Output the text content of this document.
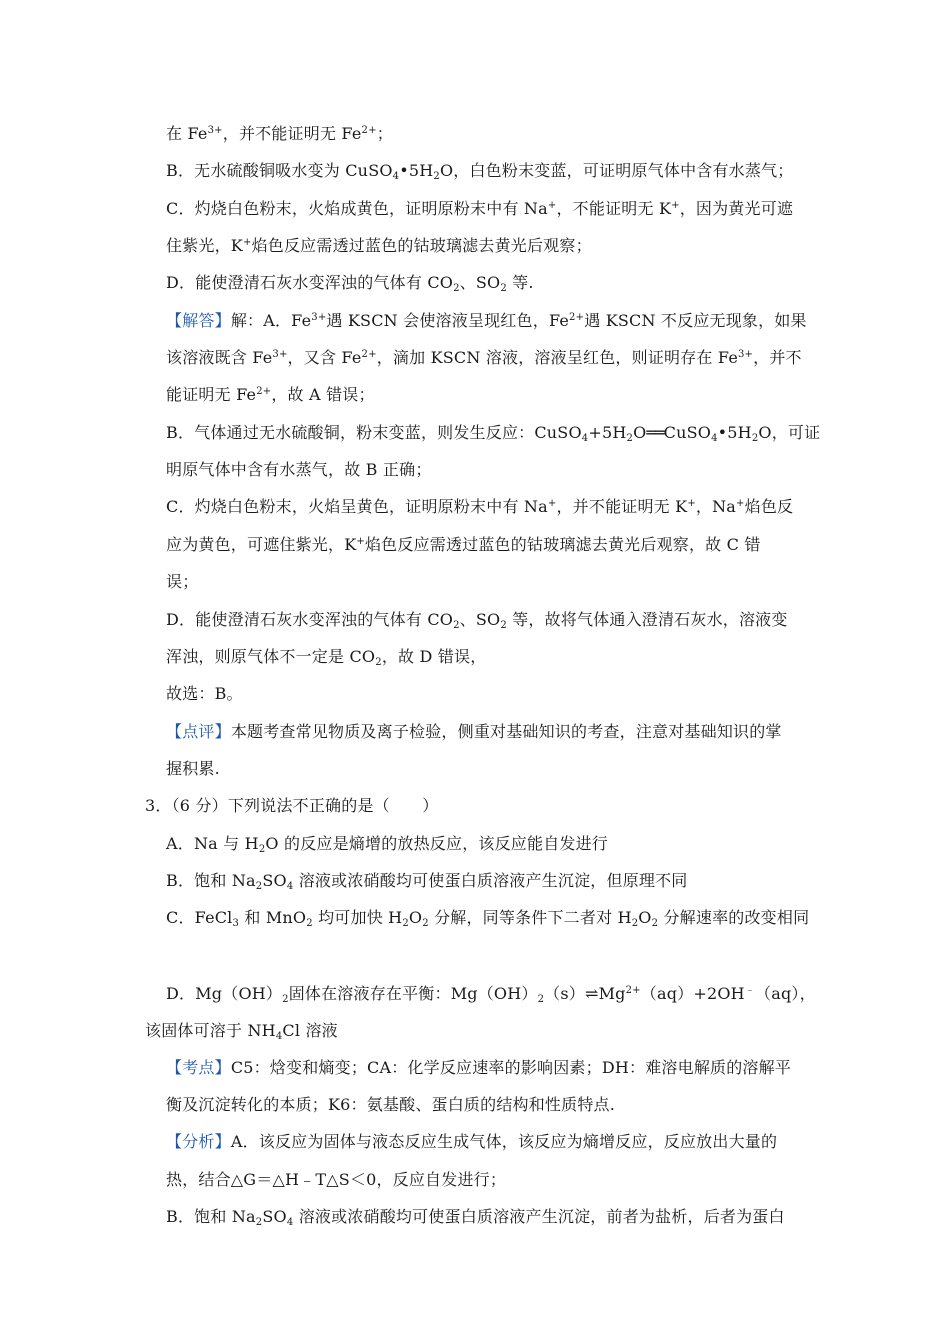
在 $Fe^{3+}$，并不能证明无 $Fe^{2+}$；
B．无水硫酸铜吸水变为 $CuSO_4•5H_2O$，白色粉末变蓝，可证明原气体中含有水蒸气；
C．灼烧白色粉末，火焰成黄色，证明原粉末中有 Na+，不能证明无 K+，因为黄光可遮
住紫光，K+焰色反应需透过蓝色的钴玻璃滤去黄光后观察；
D．能使澄清石灰水变浑浊的气体有 $CO_2$、$SO_2$ 等.
【解答】解：A．$Fe^{3+}$遇 KSCN 会使溶液呈现红色，$Fe^{2+}$遇 KSCN 不反应无现象，如果
该溶液既含 $Fe^{3+}$，又含 $Fe^{2+}$，滴加 KSCN 溶液，溶液呈红色，则证明存在 $Fe^{3+}$，并不
能证明无 $Fe^{2+}$，故 A 错误；
B．气体通过无水硫酸铜，粉末变蓝，则发生反应：$CuSO_4+5H_2O══CuSO_4•5H_2O$，可证
明原气体中含有水蒸气，故 B 正确；
C．灼烧白色粉末，火焰呈黄色，证明原粉末中有 Na+，并不能证明无 K+，Na+焰色反
应为黄色，可遮住紫光，K+焰色反应需透过蓝色的钴玻璃滤去黄光后观察，故 C 错
误；
D．能使澄清石灰水变浑浊的气体有 $CO_2$、$SO_2$ 等，故将气体通入澄清石灰水，溶液变
浑浊，则原气体不一定是 $CO_2$，故 D 错误，
故选：B。
【点评】本题考查常见物质及离子检验，侧重对基础知识的考查，注意对基础知识的掌
握积累.
3．（6 分）下列说法不正确的是（　　）
A．Na 与 $H_2O$ 的反应是熵增的放热反应，该反应能自发进行
B．饱和 $Na_2SO_4$ 溶液或浓硝酸均可使蛋白质溶液产生沉淀，但原理不同
C．FeCl$_3$ 和 MnO$_2$ 均可加快 $H_2O_2$ 分解，同等条件下二者对 $H_2O_2$ 分解速率的改变相同
D．$Mg(OH)_2$固体在溶液存在平衡：$Mg(OH)_2(s)\rightleftharpoons Mg^{2+}(aq)+2OH^﹣(aq)$，
该固体可溶于 $NH_4Cl$ 溶液
【考点】C5：焓变和熵变；CA：化学反应速率的影响因素；DH：难溶电解质的溶解平
衡及沉淀转化的本质；K6：氨基酸、蛋白质的结构和性质特点.
【分析】A．该反应为固体与液态反应生成气体，该反应为熵增反应，反应放出大量的
热，结合△G＝△H﹣T△S＜0，反应自发进行；
B．饱和 $Na_2SO_4$ 溶液或浓硝酸均可使蛋白质溶液产生沉淀，前者为盐析，后者为蛋白
